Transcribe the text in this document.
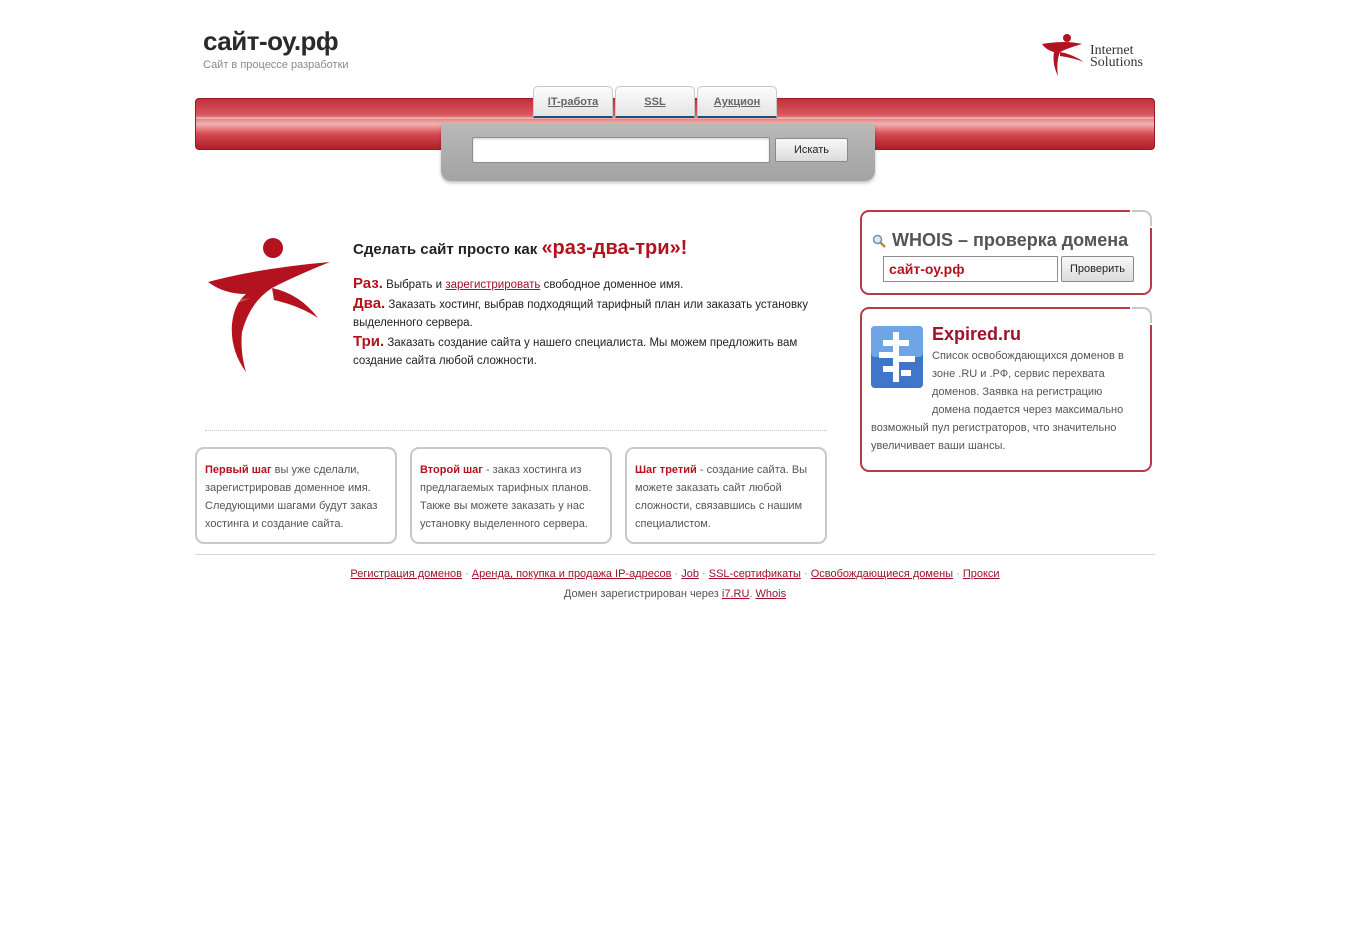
сайт-оу.рф
Сайт в процессе разработки
Internet
Solutions
IT-работа	SSL	Аукцион
Искать
Сделать сайт просто как «раз-два-три»!
Раз. Выбрать и зарегистрировать свободное доменное имя.
Два. Заказать хостинг, выбрав подходящий тарифный план или заказать установку выделенного сервера.
Три. Заказать создание сайта у нашего специалиста. Мы можем предложить вам создание сайта любой сложности.
Первый шаг вы уже сделали, зарегистрировав доменное имя. Следующими шагами будут заказ хостинга и создание сайта.
Второй шаг - заказ хостинга из предлагаемых тарифных планов. Также вы можете заказать у нас установку выделенного сервера.
Шаг третий - создание сайта. Вы можете заказать сайт любой сложности, связавшись с нашим специалистом.
WHOIS – проверка домена
сайт-оу.рф
Проверить
Expired.ru
Список освобождающихся доменов в зоне .RU и .РФ, сервис перехвата доменов. Заявка на регистрацию домена подается через максимально возможный пул регистраторов, что значительно увеличивает ваши шансы.
Регистрация доменов · Аренда, покупка и продажа IP-адресов · Job · SSL-сертификаты · Освобождающиеся домены · Прокси
Домен зарегистрирован через i7.RU. Whois
